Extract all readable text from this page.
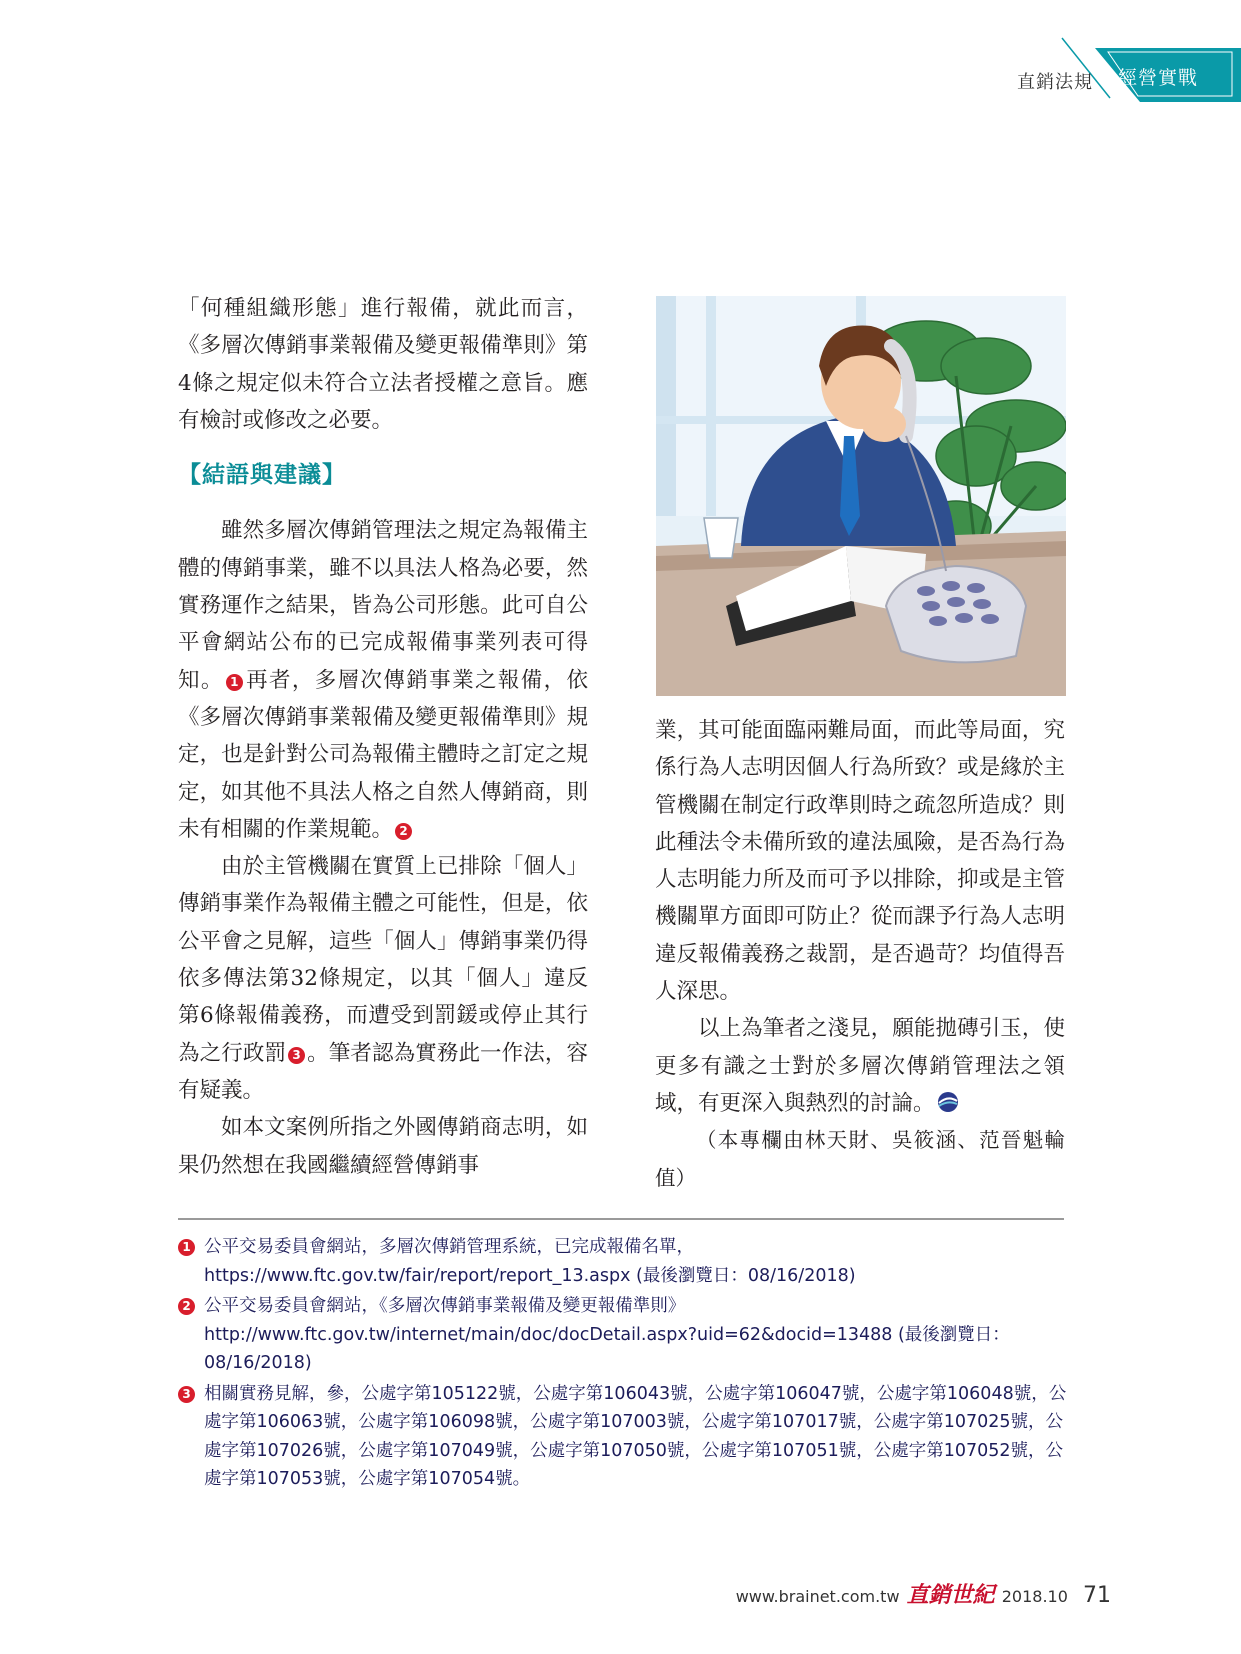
直銷法規 經營實戰

「何種組織形態」進行報備，就此而言，《多層次傳銷事業報備及變更報備準則》第4條之規定似未符合立法者授權之意旨。應有檢討或修改之必要。

【結語與建議】

雖然多層次傳銷管理法之規定為報備主體的傳銷事業，雖不以具法人格為必要，然實務運作之結果，皆為公司形態。此可自公平會網站公布的已完成報備事業列表可得知。 1 再者，多層次傳銷事業之報備，依《多層次傳銷事業報備及變更報備準則》規定，也是針對公司為報備主體時之訂定之規定，如其他不具法人格之自然人傳銷商，則未有相關的作業規範。 2

由於主管機關在實質上已排除「個人」傳銷事業作為報備主體之可能性，但是，依公平會之見解，這些「個人」傳銷事業仍得依多傳法第32條規定，以其「個人」違反第6條報備義務，而遭受到罰鍰或停止其行為之行政罰 3 。筆者認為實務此一作法，容有疑義。

如本文案例所指之外國傳銷商志明，如果仍然想在我國繼續經營傳銷事

業，其可能面臨兩難局面，而此等局面，究係行為人志明因個人行為所致？或是緣於主管機關在制定行政準則時之疏忽所造成？則此種法令未備所致的違法風險，是否為行為人志明能力所及而可予以排除，抑或是主管機關單方面即可防止？從而課予行為人志明違反報備義務之裁罰，是否過苛？均值得吾人深思。

以上為筆者之淺見，願能拋磚引玉，使更多有識之士對於多層次傳銷管理法之領域，有更深入與熱烈的討論。

（本專欄由林天財、吳筱涵、范晉魁輪值）

1 公平交易委員會網站，多層次傳銷管理系統，已完成報備名單，https://www.ftc.gov.tw/fair/report/report_13.aspx (最後瀏覽日：08/16/2018)
2 公平交易委員會網站，《多層次傳銷事業報備及變更報備準則》http://www.ftc.gov.tw/internet/main/doc/docDetail.aspx?uid=62&docid=13488 (最後瀏覽日：08/16/2018)
3 相關實務見解，參，公處字第105122號，公處字第106043號，公處字第106047號，公處字第106048號，公處字第106063號，公處字第106098號，公處字第107003號，公處字第107017號，公處字第107025號，公處字第107026號，公處字第107049號，公處字第107050號，公處字第107051號，公處字第107052號，公處字第107053號，公處字第107054號。
www.brainet.com.tw 直銷世紀 2018.10 71
